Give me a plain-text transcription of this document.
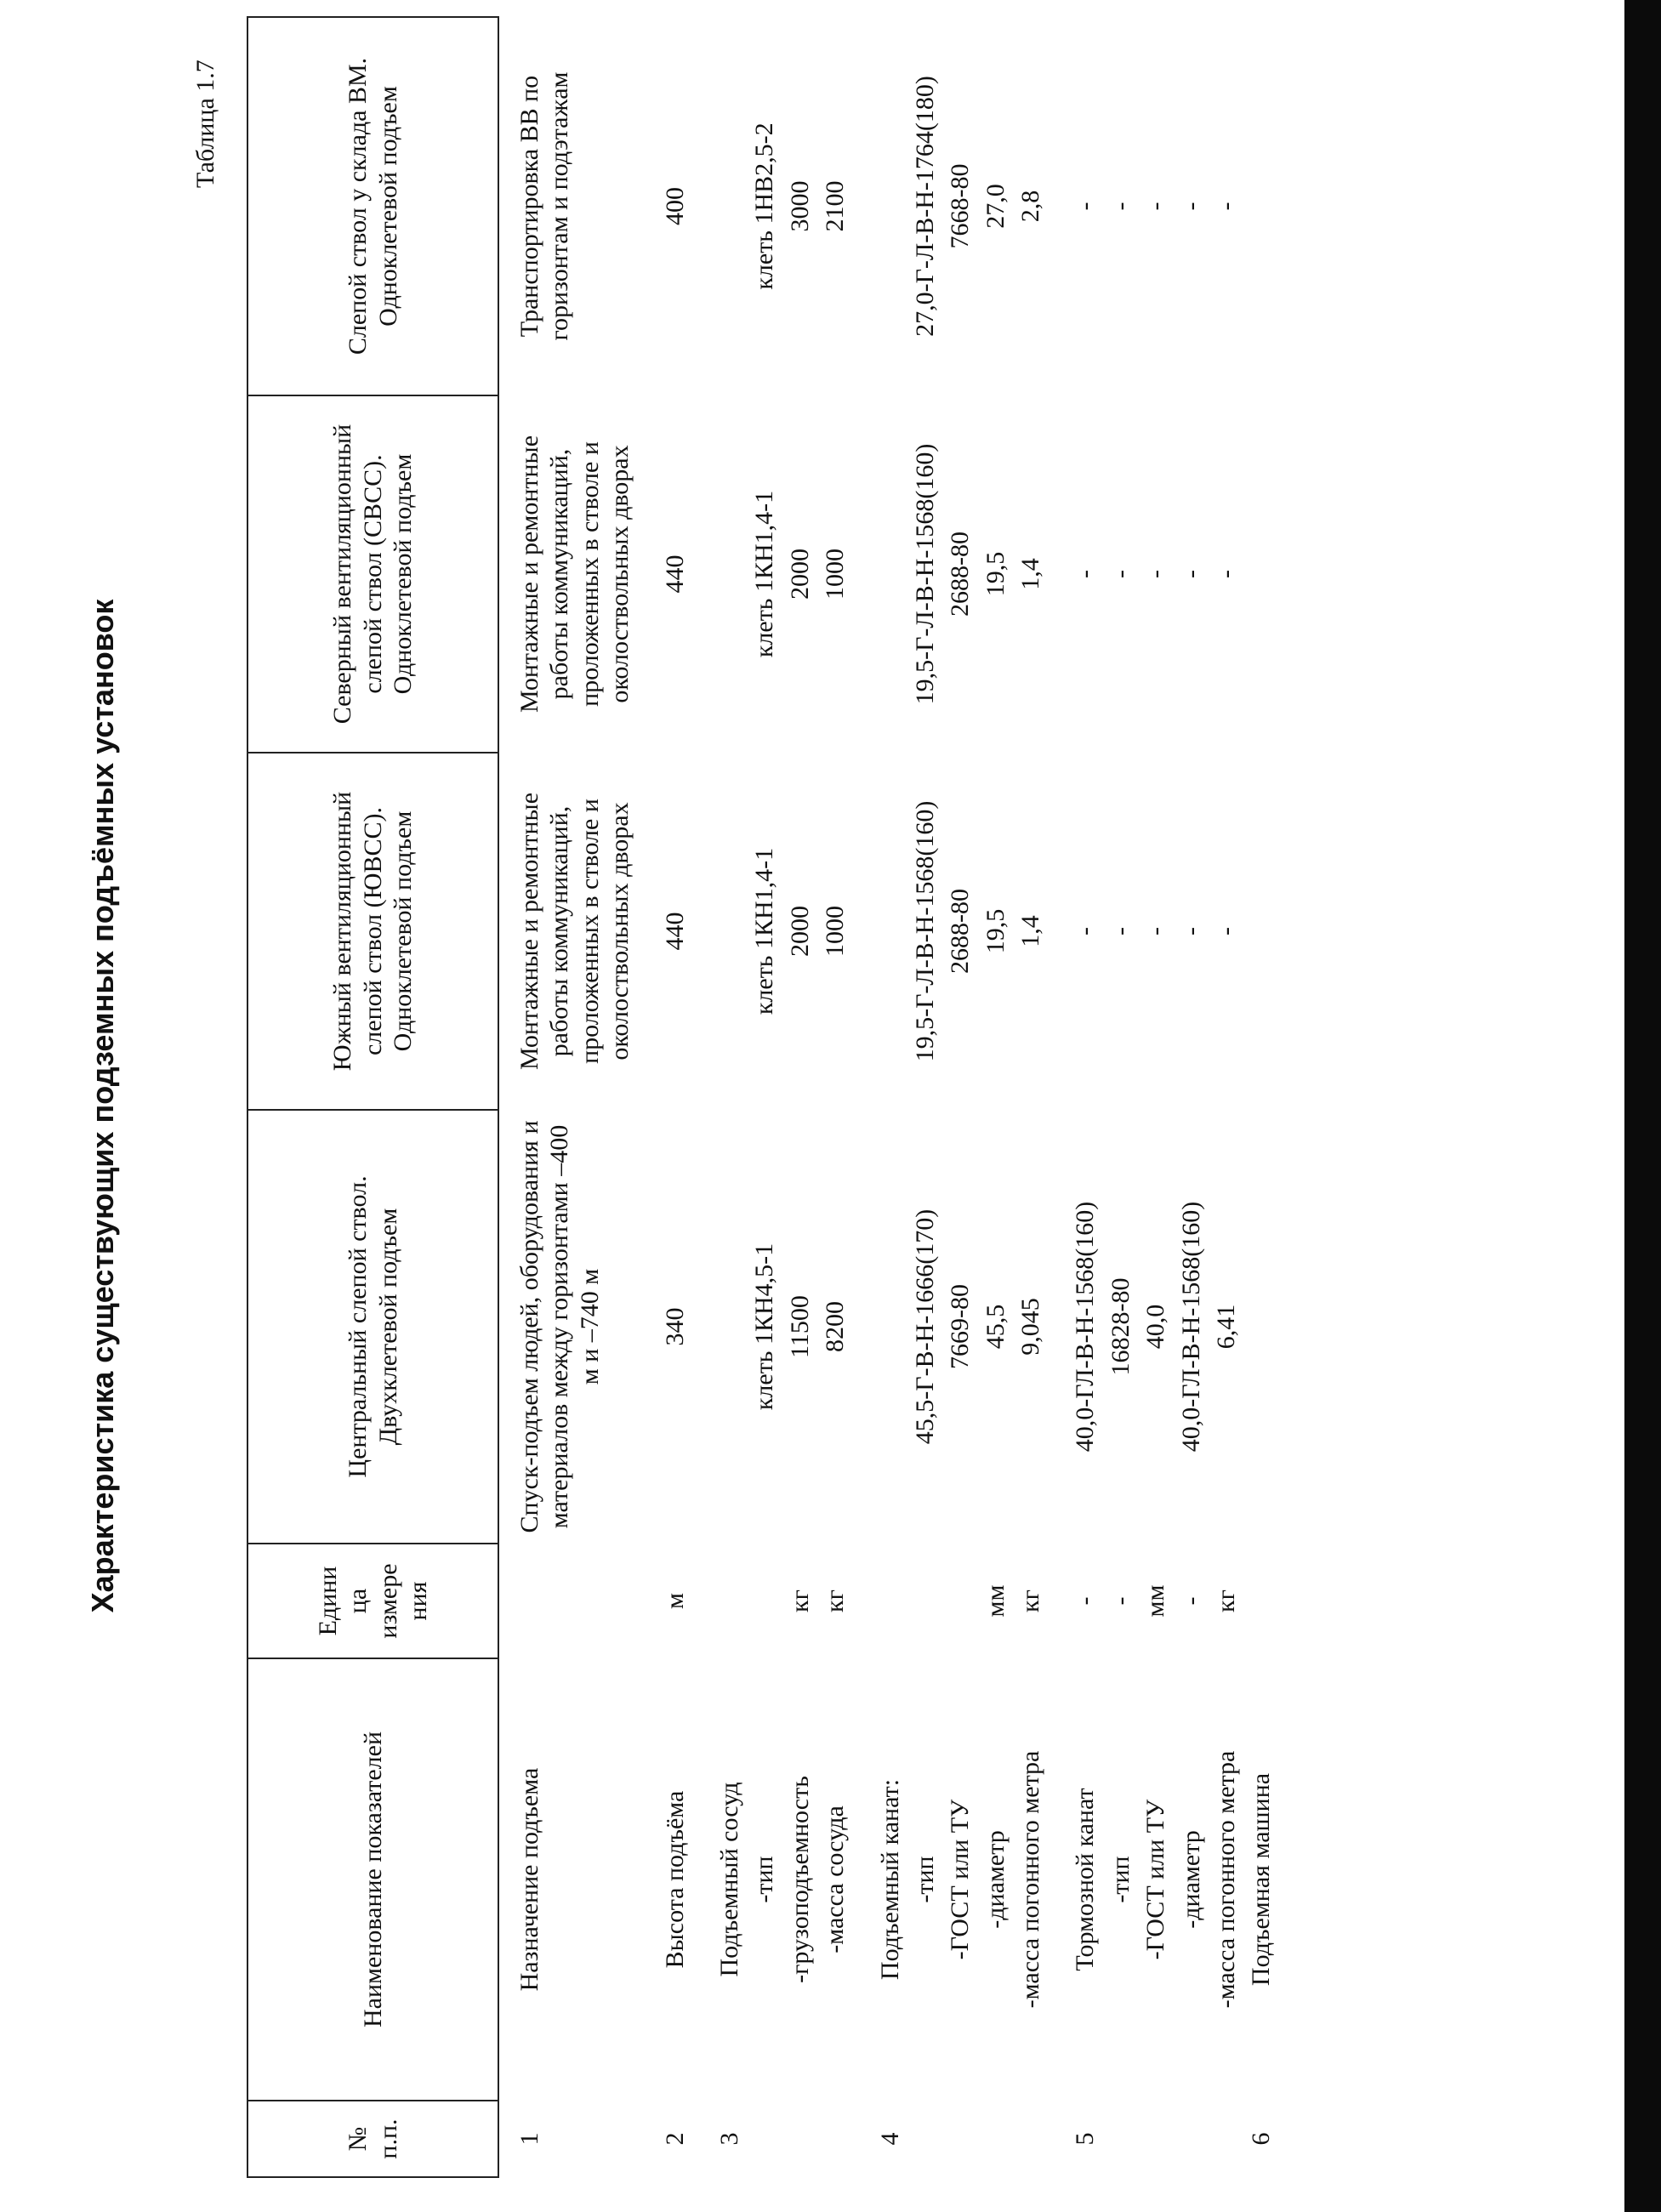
Характеристика существующих подземных подъёмных установок
Таблица 1.7
№ п.п.	Наименование показателей	Едини ца измере ния	Центральный слепой ствол. Двухклетевой подъем	Южный вентиляционный слепой ствол (ЮВСС). Одноклетевой подъем	Северный вентиляционный слепой ствол (СВСС). Одноклетевой подъем	Слепой ствол у склада ВМ. Одноклетевой подъем
1	Назначение подъема		Спуск-подъем людей, оборудования и материалов между горизонтами –400 м и –740 м	Монтажные и ремонтные работы коммуникаций, проложенных в стволе и околоствольных дворах	Монтажные и ремонтные работы коммуникаций, проложенных в стволе и околоствольных дворах	Транспортировка ВВ по горизонтам и подэтажам
2	Высота подъёма	м	340	440	440	400
3	Подъемный сосуд					
	-тип		клеть 1КН4,5-1	клеть 1КН1,4-1	клеть 1КН1,4-1	клеть 1НВ2,5-2
	-грузоподъемность	кг	11500	2000	2000	3000
	-масса сосуда	кг	8200	1000	1000	2100
4	Подъемный канат:					
	-тип		45,5-Г-В-Н-1666(170)	19,5-Г-Л-В-Н-1568(160)	19,5-Г-Л-В-Н-1568(160)	27,0-Г-Л-В-Н-1764(180)
	-ГОСТ или ТУ		7669-80	2688-80	2688-80	7668-80
	-диаметр	мм	45,5	19,5	19,5	27,0
	-масса погонного метра	кг	9,045	1,4	1,4	2,8
5	Тормозной канат	-	40,0-ГЛ-В-Н-1568(160)	-	-	-
	-тип	-	16828-80	-	-	-
	-ГОСТ или ТУ	мм	40,0	-	-	-
	-диаметр	-	40,0-ГЛ-В-Н-1568(160)	-	-	-
	-масса погонного метра	кг	6,41	-	-	-
6	Подъемная машина					
